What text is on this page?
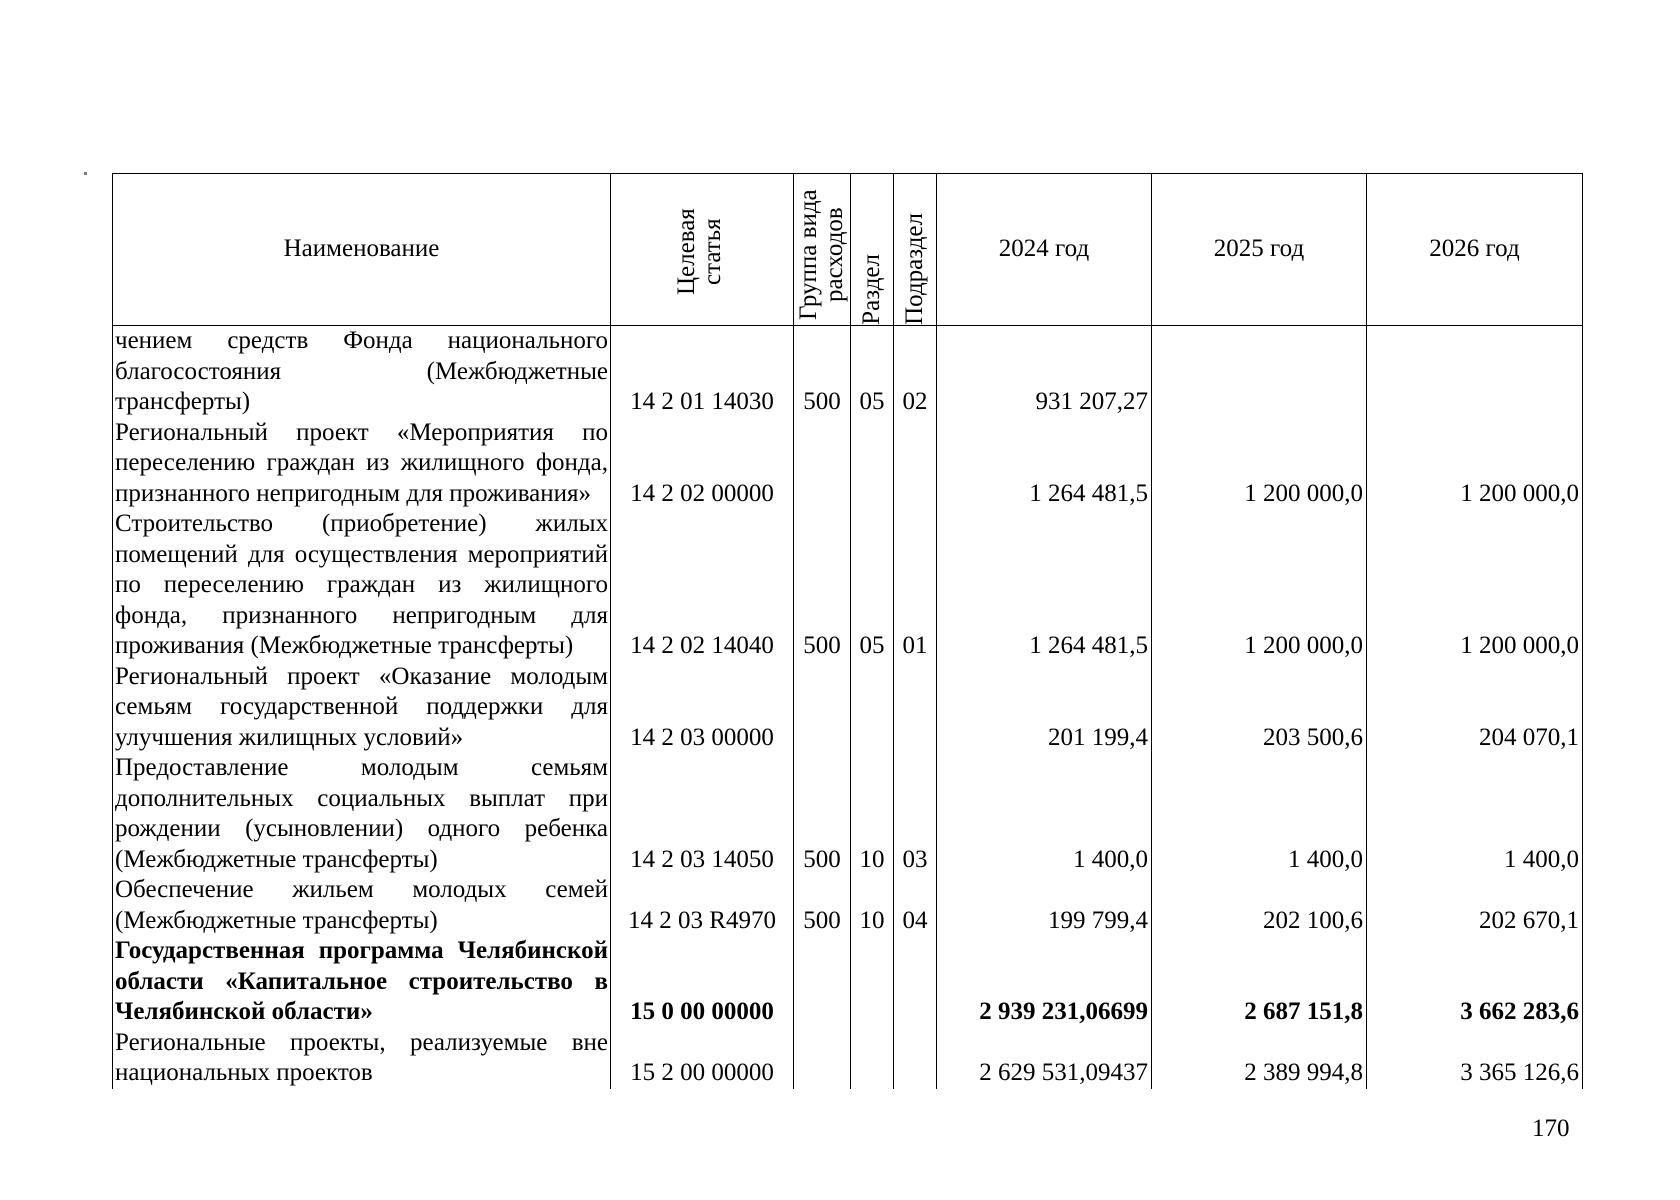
Наименование	Целевая статья	Группа вида расходов	Раздел	Подраздел	2024 год	2025 год	2026 год
чением средств Фонда национального благосостояния (Межбюджетные трансферты)	14 2 01 14030	500	05	02	931 207,27		
Региональный проект «Мероприятия по переселению граждан из жилищного фонда, признанного непригодным для проживания»	14 2 02 00000				1 264 481,5	1 200 000,0	1 200 000,0
Строительство (приобретение) жилых помещений для осуществления мероприятий по переселению граждан из жилищного фонда, признанного непригодным для проживания (Межбюджетные трансферты)	14 2 02 14040	500	05	01	1 264 481,5	1 200 000,0	1 200 000,0
Региональный проект «Оказание молодым семьям государственной поддержки для улучшения жилищных условий»	14 2 03 00000				201 199,4	203 500,6	204 070,1
Предоставление молодым семьям дополнительных социальных выплат при рождении (усыновлении) одного ребенка (Межбюджетные трансферты)	14 2 03 14050	500	10	03	1 400,0	1 400,0	1 400,0
Обеспечение жильем молодых семей (Межбюджетные трансферты)	14 2 03 R4970	500	10	04	199 799,4	202 100,6	202 670,1
Государственная программа Челябинской области «Капитальное строительство в Челябинской области»	15 0 00 00000				2 939 231,06699	2 687 151,8	3 662 283,6
Региональные проекты, реализуемые вне национальных проектов	15 2 00 00000				2 629 531,09437	2 389 994,8	3 365 126,6
170
